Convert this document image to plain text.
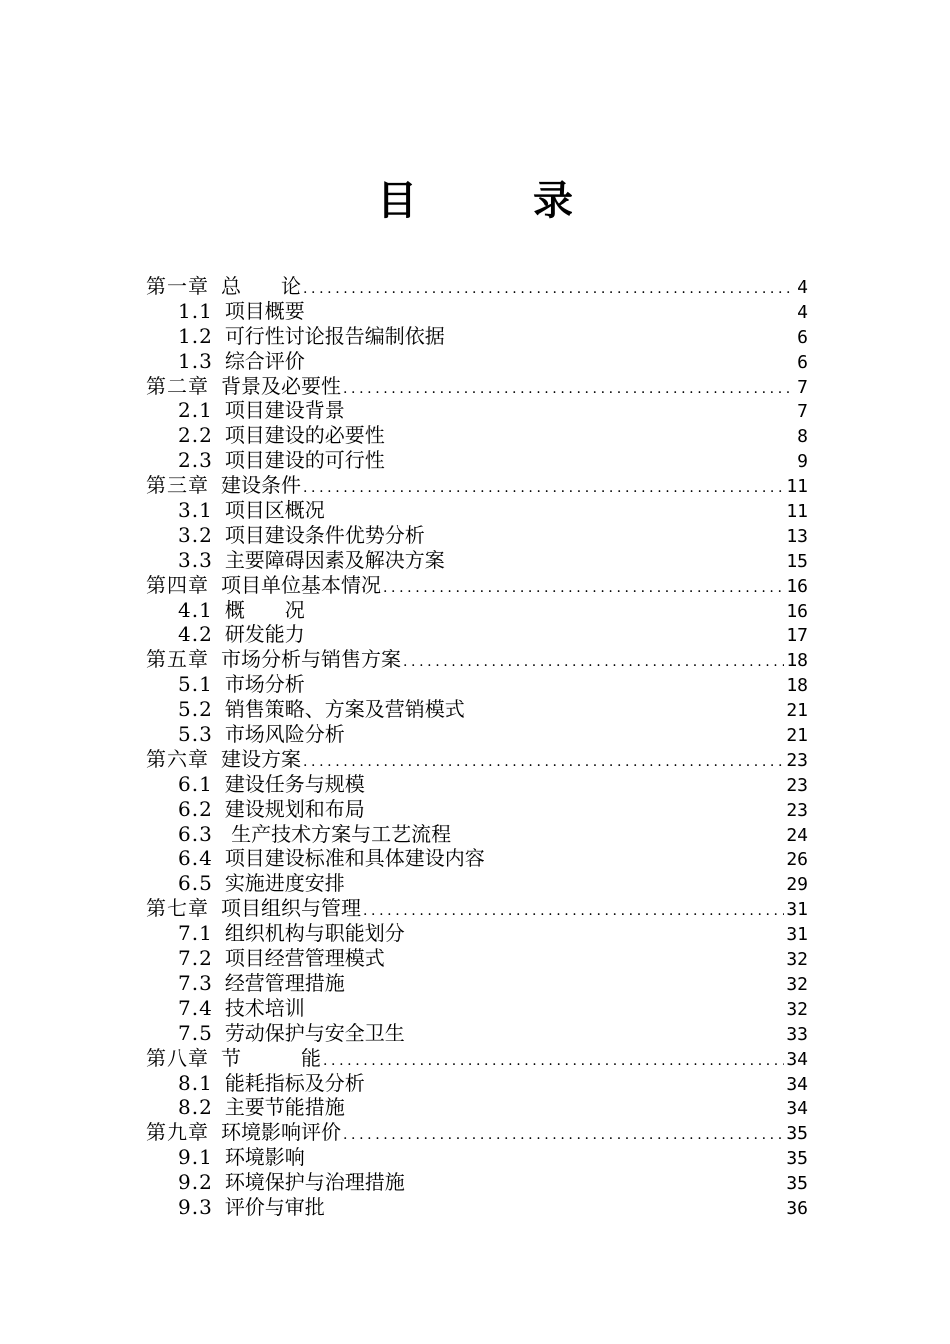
目　录
第一章 总　　论 .....	4
1.1 项目概要	4
1.2 可行性讨论报告编制依据	6
1.3 综合评价	6
第二章 背景及必要性 .....	7
2.1 项目建设背景	7
2.2 项目建设的必要性	8
2.3 项目建设的可行性	9
第三章 建设条件 .....	11
3.1 项目区概况	11
3.2 项目建设条件优势分析	13
3.3 主要障碍因素及解决方案	15
第四章 项目单位基本情况 .....	16
4.1 概　　况	16
4.2 研发能力	17
第五章 市场分析与销售方案 .....	18
5.1 市场分析	18
5.2 销售策略、方案及营销模式	21
5.3 市场风险分析	21
第六章 建设方案 .....	23
6.1 建设任务与规模	23
6.2 建设规划和布局	23
6.3 生产技术方案与工艺流程	24
6.4 项目建设标准和具体建设内容	26
6.5 实施进度安排	29
第七章 项目组织与管理 .....	31
7.1 组织机构与职能划分	31
7.2 项目经营管理模式	32
7.3 经营管理措施	32
7.4 技术培训	32
7.5 劳动保护与安全卫生	33
第八章 节　　　能 .....	34
8.1 能耗指标及分析	34
8.2 主要节能措施	34
第九章 环境影响评价 .....	35
9.1 环境影响	35
9.2 环境保护与治理措施	35
9.3 评价与审批	36
